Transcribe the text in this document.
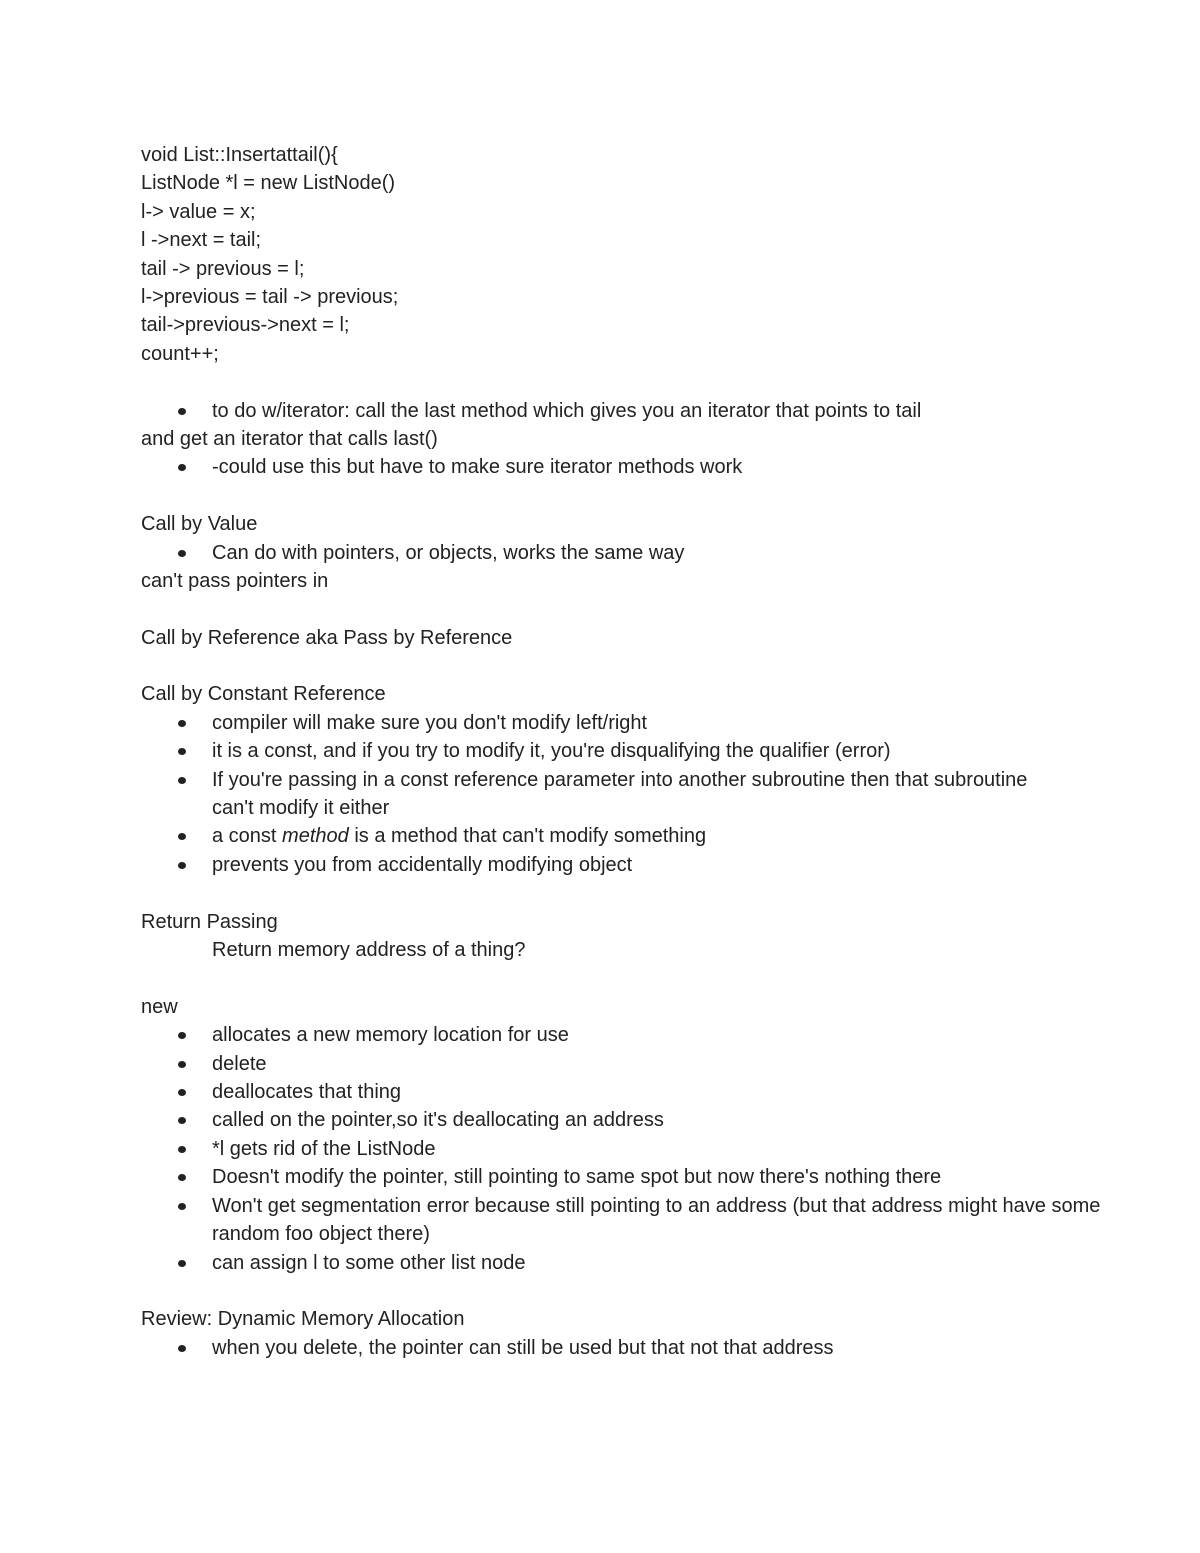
void List::Insertattail(){
ListNode *l = new ListNode()
l-> value = x;
l ->next = tail;
tail -> previous = l;
l->previous = tail -> previous;
tail->previous->next = l;
count++;
to do w/iterator: call the last method which gives you an iterator that points to tail
and get an iterator that calls last()
-could use this but have to make sure iterator methods work
Call by Value
Can do with pointers, or objects, works the same way
can't pass pointers in
Call by Reference aka Pass by Reference
Call by Constant Reference
compiler will make sure you don't modify left/right
it is a const, and if you try to modify it, you're disqualifying the qualifier (error)
If you're passing in a const reference parameter into another subroutine then that subroutine can't modify it either
a const method is a method that can't modify something
prevents you from accidentally modifying object
Return Passing
Return memory address of a thing?
new
allocates a new memory location for use
delete
deallocates that thing
called on the pointer,so it's deallocating an address
*l gets rid of the ListNode
Doesn't modify the pointer, still pointing to same spot but now there's nothing there
Won't get segmentation error because still pointing to an address (but that address might have some random foo object there)
can assign l to some other list node
Review: Dynamic Memory Allocation
when you delete, the pointer can still be used but that not that address
